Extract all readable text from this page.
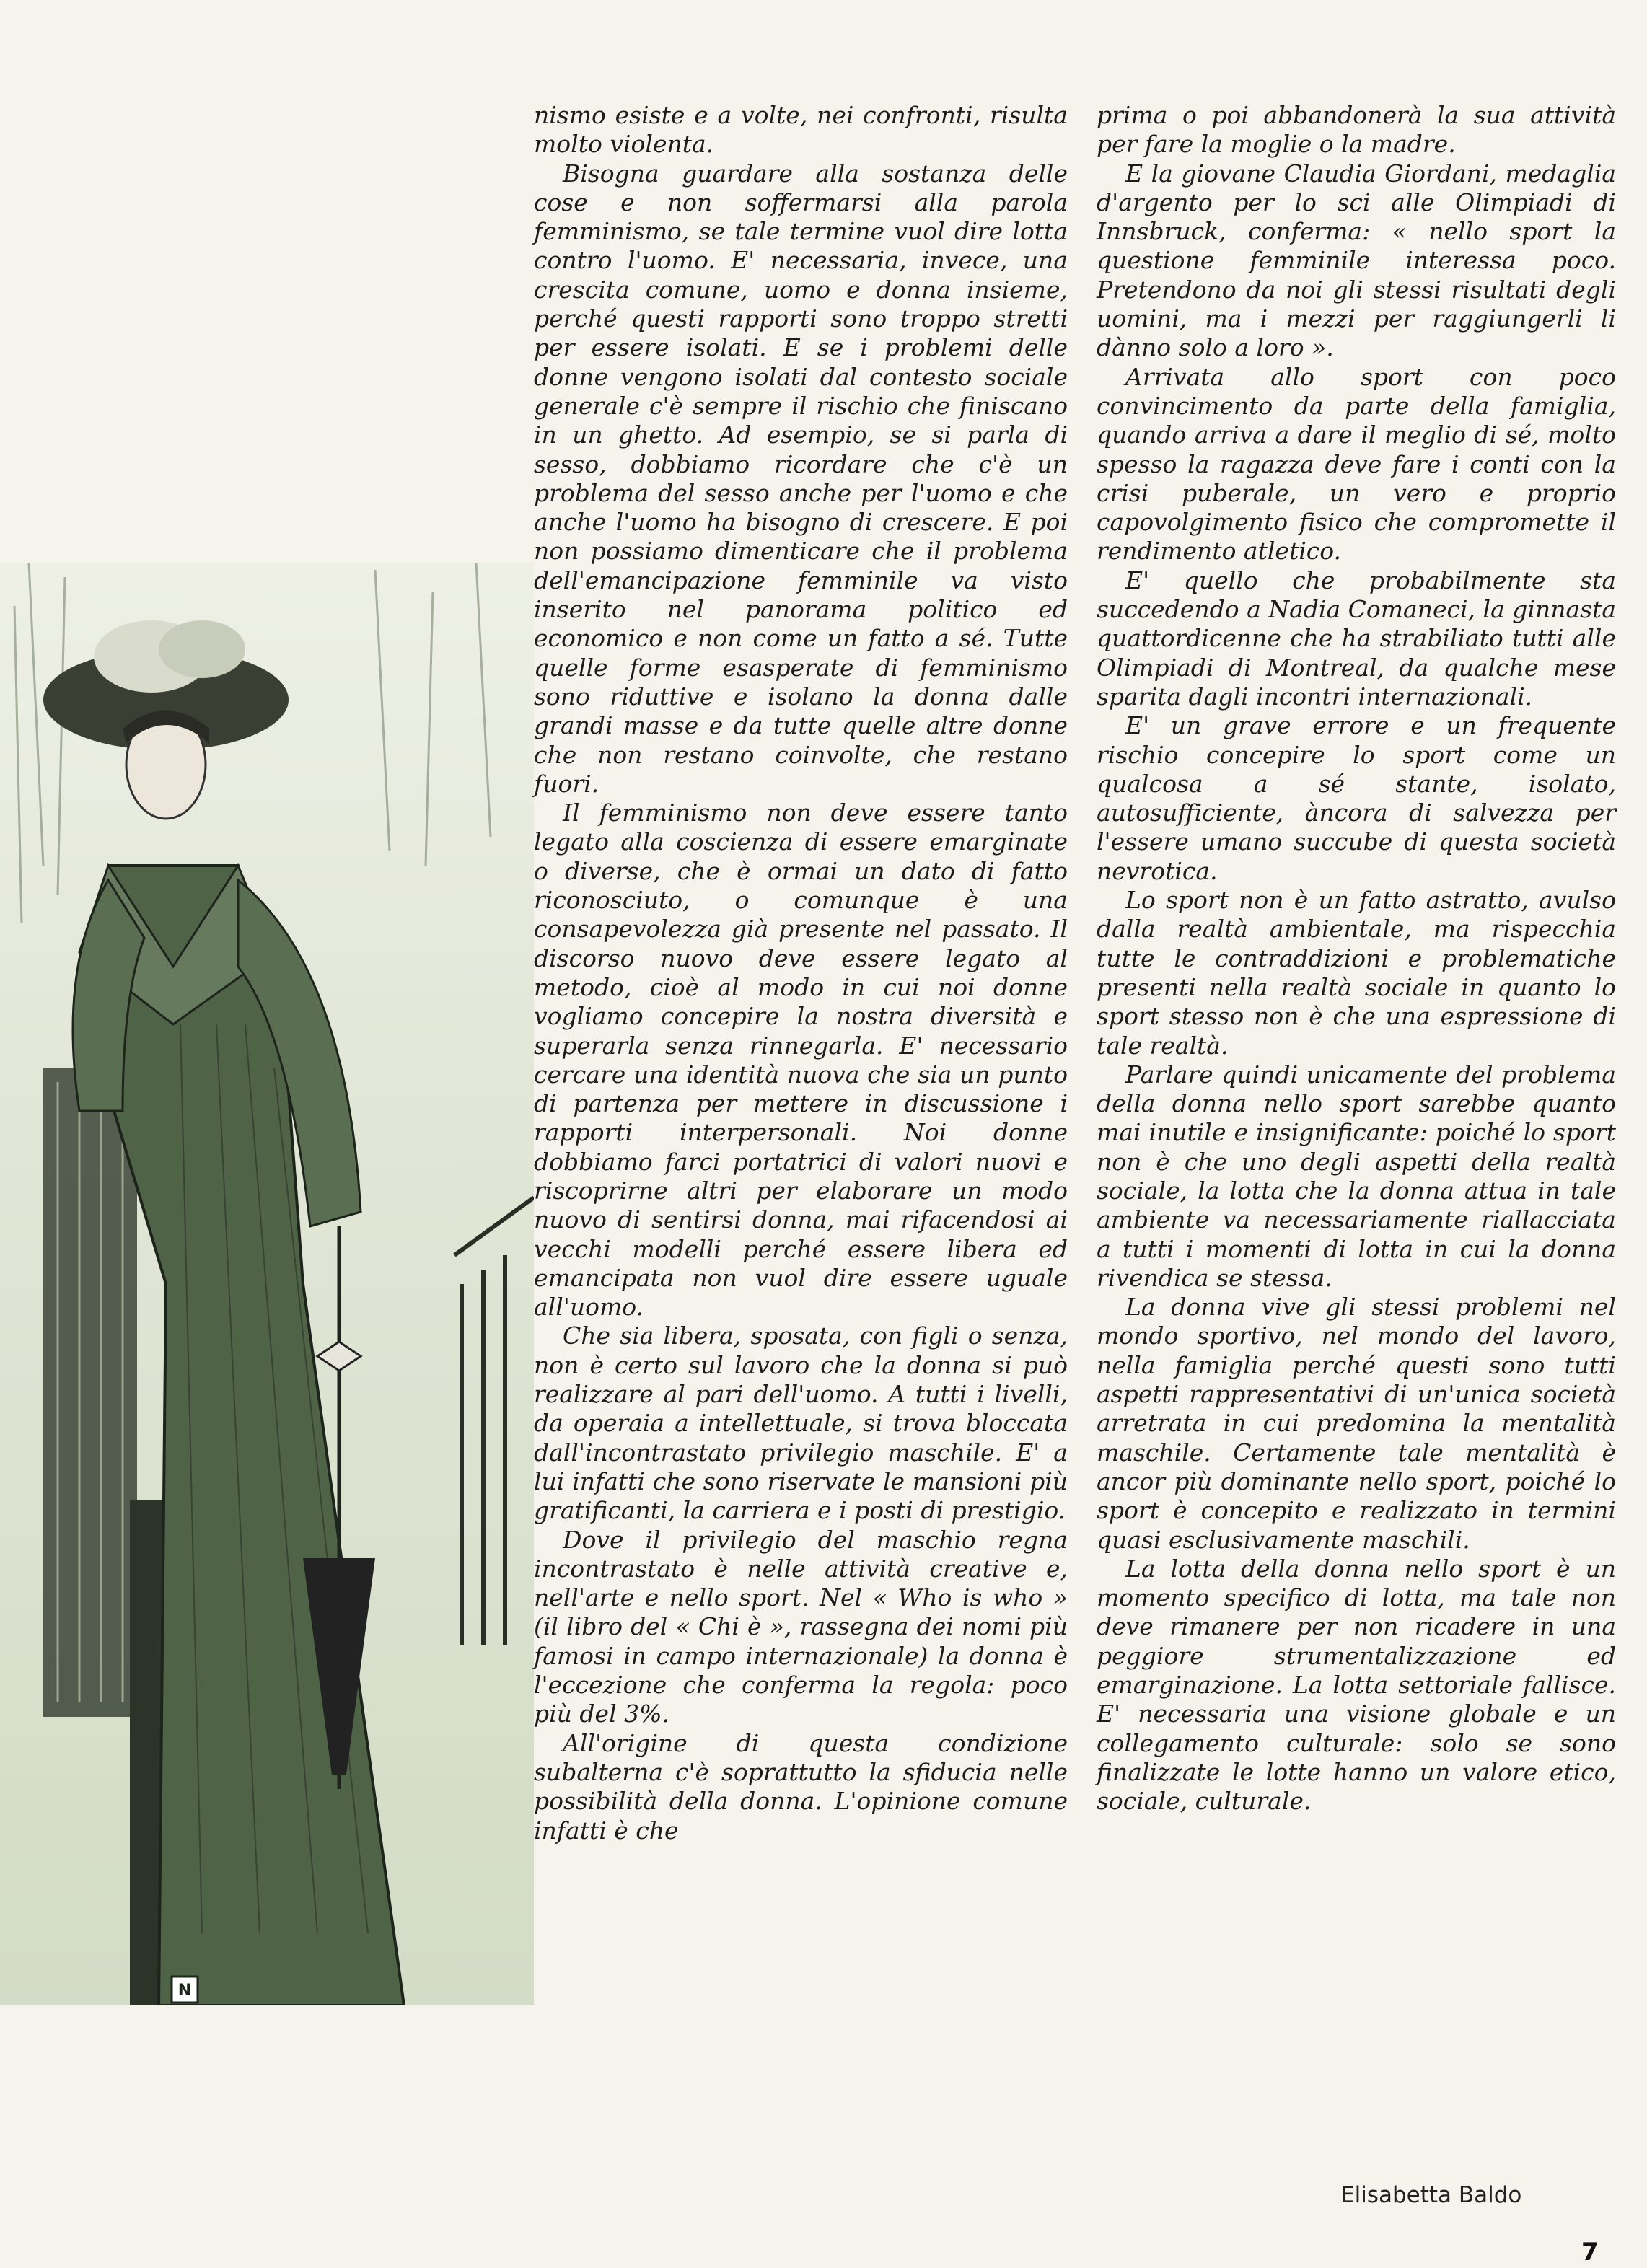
N

nismo esiste e a volte, nei confronti, risulta molto violenta.

Bisogna guardare alla sostanza delle cose e non soffermarsi alla parola femminismo, se tale termine vuol dire lotta contro l'uomo. E' necessaria, invece, una crescita comune, uomo e donna insieme, perché questi rapporti sono troppo stretti per essere isolati. E se i problemi delle donne vengono isolati dal contesto sociale generale c'è sempre il rischio che finiscano in un ghetto. Ad esempio, se si parla di sesso, dobbiamo ricordare che c'è un problema del sesso anche per l'uomo e che anche l'uomo ha bisogno di crescere. E poi non possiamo dimenticare che il problema dell'emancipazione femminile va visto inserito nel panorama politico ed economico e non come un fatto a sé. Tutte quelle forme esasperate di femminismo sono riduttive e isolano la donna dalle grandi masse e da tutte quelle altre donne che non restano coinvolte, che restano fuori.

Il femminismo non deve essere tanto legato alla coscienza di essere emarginate o diverse, che è ormai un dato di fatto riconosciuto, o comunque è una consapevolezza già presente nel passato. Il discorso nuovo deve essere legato al metodo, cioè al modo in cui noi donne vogliamo concepire la nostra diversità e superarla senza rinnegarla. E' necessario cercare una identità nuova che sia un punto di partenza per mettere in discussione i rapporti interpersonali. Noi donne dobbiamo farci portatrici di valori nuovi e riscoprirne altri per elaborare un modo nuovo di sentirsi donna, mai rifacendosi ai vecchi modelli perché essere libera ed emancipata non vuol dire essere uguale all'uomo.

Che sia libera, sposata, con figli o senza, non è certo sul lavoro che la donna si può realizzare al pari dell'uomo. A tutti i livelli, da operaia a intellettuale, si trova bloccata dall'incontrastato privilegio maschile. E' a lui infatti che sono riservate le mansioni più gratificanti, la carriera e i posti di prestigio.

Dove il privilegio del maschio regna incontrastato è nelle attività creative e, nell'arte e nello sport. Nel « Who is who » (il libro del « Chi è », rassegna dei nomi più famosi in campo internazionale) la donna è l'eccezione che conferma la regola: poco più del 3%.

All'origine di questa condizione subalterna c'è soprattutto la sfiducia nelle possibilità della donna. L'opinione comune infatti è che

prima o poi abbandonerà la sua attività per fare la moglie o la madre.

E la giovane Claudia Giordani, medaglia d'argento per lo sci alle Olimpiadi di Innsbruck, conferma: « nello sport la questione femminile interessa poco. Pretendono da noi gli stessi risultati degli uomini, ma i mezzi per raggiungerli li dànno solo a loro ».

Arrivata allo sport con poco convincimento da parte della famiglia, quando arriva a dare il meglio di sé, molto spesso la ragazza deve fare i conti con la crisi puberale, un vero e proprio capovolgimento fisico che compromette il rendimento atletico.

E' quello che probabilmente sta succedendo a Nadia Comaneci, la ginnasta quattordicenne che ha strabiliato tutti alle Olimpiadi di Montreal, da qualche mese sparita dagli incontri internazionali.

E' un grave errore e un frequente rischio concepire lo sport come un qualcosa a sé stante, isolato, autosufficiente, àncora di salvezza per l'essere umano succube di questa società nevrotica.

Lo sport non è un fatto astratto, avulso dalla realtà ambientale, ma rispecchia tutte le contraddizioni e problematiche presenti nella realtà sociale in quanto lo sport stesso non è che una espressione di tale realtà.

Parlare quindi unicamente del problema della donna nello sport sarebbe quanto mai inutile e insignificante: poiché lo sport non è che uno degli aspetti della realtà sociale, la lotta che la donna attua in tale ambiente va necessariamente riallacciata a tutti i momenti di lotta in cui la donna rivendica se stessa.

La donna vive gli stessi problemi nel mondo sportivo, nel mondo del lavoro, nella famiglia perché questi sono tutti aspetti rappresentativi di un'unica società arretrata in cui predomina la mentalità maschile. Certamente tale mentalità è ancor più dominante nello sport, poiché lo sport è concepito e realizzato in termini quasi esclusivamente maschili.

La lotta della donna nello sport è un momento specifico di lotta, ma tale non deve rimanere per non ricadere in una peggiore strumentalizzazione ed emarginazione. La lotta settoriale fallisce. E' necessaria una visione globale e un collegamento culturale: solo se sono finalizzate le lotte hanno un valore etico, sociale, culturale.

Elisabetta Baldo
7
